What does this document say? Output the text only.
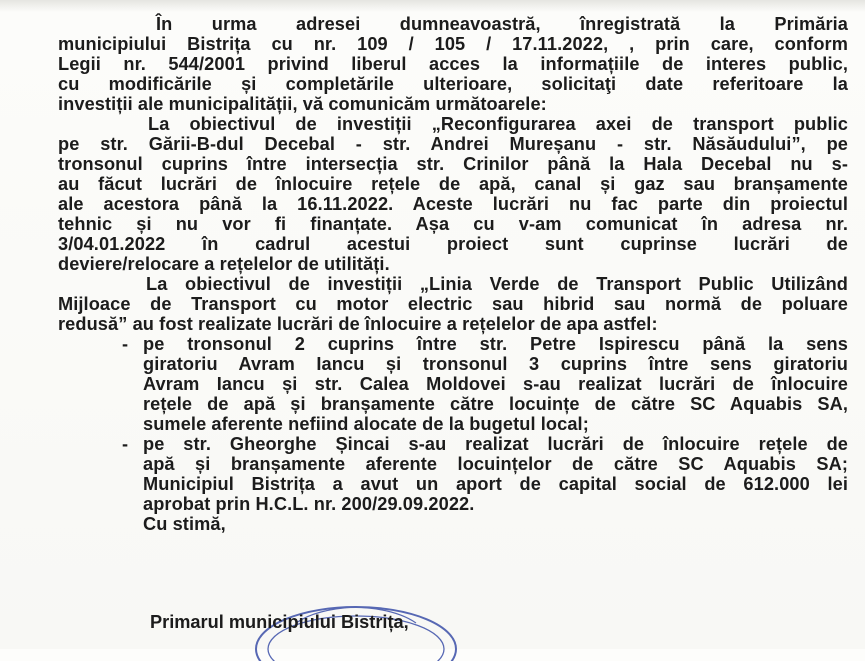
În urma adresei dumneavoastră, înregistrată la Primăria
municipiului Bistrița cu nr. 109 / 105 / 17.11.2022, , prin care, conform
Legii nr. 544/2001 privind liberul acces la informațiile de interes public,
cu modificările și completările ulterioare, solicitaţi date referitoare la
investiții ale municipalității, vă comunicăm următoarele:
La obiectivul de investiții „Reconfigurarea axei de transport public
pe str. Gării-B-dul Decebal - str. Andrei Mureșanu - str. Năsăudului”, pe
tronsonul cuprins între intersecția str. Crinilor până la Hala Decebal nu s-
au făcut lucrări de înlocuire rețele de apă, canal și gaz sau branșamente
ale acestora până la 16.11.2022. Aceste lucrări nu fac parte din proiectul
tehnic și nu vor fi finanțate. Așa cu v-am comunicat în adresa nr.
3/04.01.2022 în cadrul acestui proiect sunt cuprinse lucrări de
deviere/relocare a rețelelor de utilități.
La obiectivul de investiții „Linia Verde de Transport Public Utilizând
Mijloace de Transport cu motor electric sau hibrid sau normă de poluare
redusă” au fost realizate lucrări de înlocuire a rețelelor de apa astfel:
- pe tronsonul 2 cuprins între str. Petre Ispirescu până la sens
giratoriu Avram Iancu și tronsonul 3 cuprins între sens giratoriu
Avram Iancu și str. Calea Moldovei s-au realizat lucrări de înlocuire
rețele de apă și branșamente către locuințe de către SC Aquabis SA,
sumele aferente nefiind alocate de la bugetul local;
- pe str. Gheorghe Șincai s-au realizat lucrări de înlocuire rețele de
apă și branșamente aferente locuințelor de către SC Aquabis SA;
Municipiul Bistrița a avut un aport de capital social de 612.000 lei
aprobat prin H.C.L. nr. 200/29.09.2022.
Cu stimă,
Primarul municipiului Bistrița,
